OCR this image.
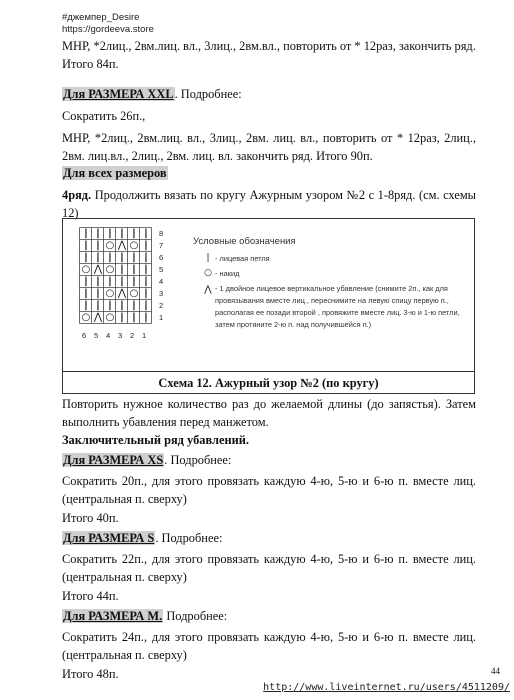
#джемпер_Desire
https://gordeeva.store
МНР, *2лиц., 2вм.лиц. вл., 3лиц., 2вм.вл., повторить от * 12раз, закончить ряд.
Итого 84п.
Для РАЗМЕРА XXL. Подробнее:
Сократить 26п.,
МНР, *2лиц., 2вм.лиц. вл., 3лиц., 2вм. лиц. вл., повторить от * 12раз, 2лиц., 2вм. лиц.вл., 2лиц., 2вм. лиц. вл. закончить ряд. Итого 90п.
Для всех размеров
4ряд. Продолжить вязать по кругу Ажурным узором №2 с 1-8ряд. (см. схемы 12)
| | | | | |
| | ○ ⋀ ○ |
| | | | | |
○ ⋀ ○ | | |
| | | | | |
| | ○ ⋀ ○ |
| | | | | |
○ ⋀ ○ | | |
8
7
6
5
4
3
2
1
6 5 4 3 2 1
Условные обозначения
| - лицевая петля
○ - накид
⋀ - 1 двойное лицевое вертикальное убавление (снимите 2п., как для провязывания вместе лиц., переснимите на левую спицу первую п., располагая ее позади второй , провяжите вместе лиц. 3-ю и 1-ю петли, затем протяните 2-ю п. над получившейся п.)
Схема 12. Ажурный узор №2 (по кругу)
Повторить нужное количество раз до желаемой длины (до запястья). Затем выполнить убавления перед манжетом.
Заключительный ряд убавлений.
Для РАЗМЕРА XS. Подробнее:
Сократить 20п., для этого провязать каждую 4-ю, 5-ю и 6-ю п. вместе лиц. (центральная п. сверху)
Итого 40п.
Для РАЗМЕРА S. Подробнее:
Сократить 22п., для этого провязать каждую 4-ю, 5-ю и 6-ю п. вместе лиц. (центральная п. сверху)
Итого 44п.
Для РАЗМЕРА М. Подробнее:
Сократить 24п., для этого провязать каждую 4-ю, 5-ю и 6-ю п. вместе лиц. (центральная п. сверху)
Итого 48п.	44
http://www.liveinternet.ru/users/4511209/
